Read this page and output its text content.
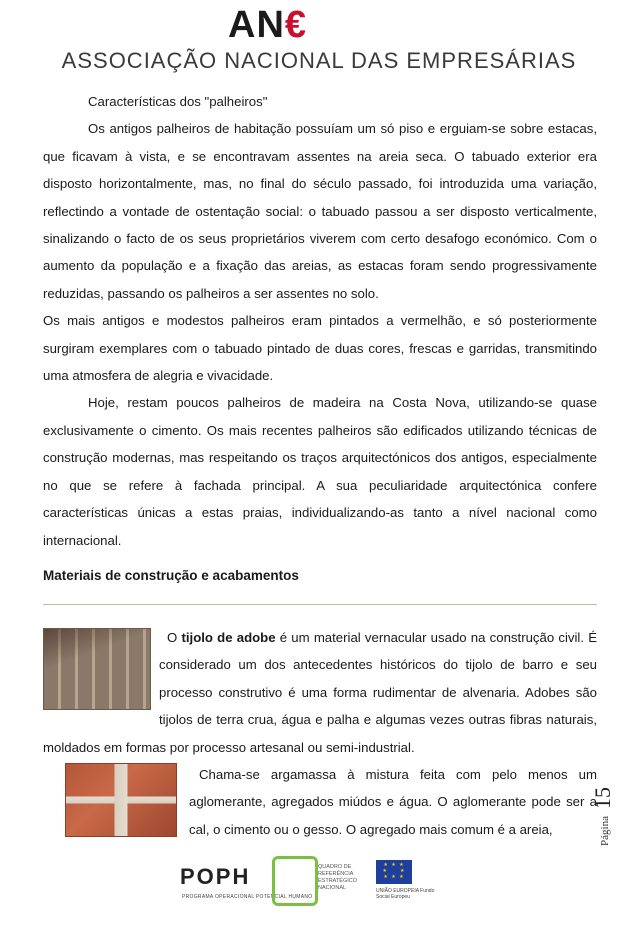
AN€
ASSOCIAÇÃO NACIONAL DAS EMPRESÁRIAS

Características dos "palheiros"

Os antigos palheiros de habitação possuíam um só piso e erguiam-se sobre estacas, que ficavam à vista, e se encontravam assentes na areia seca. O tabuado exterior era disposto horizontalmente, mas, no final do século passado, foi introduzida uma variação, reflectindo a vontade de ostentação social: o tabuado passou a ser disposto verticalmente, sinalizando o facto de os seus proprietários viverem com certo desafogo económico. Com o aumento da população e a fixação das areias, as estacas foram sendo progressivamente reduzidas, passando os palheiros a ser assentes no solo.

Os mais antigos e modestos palheiros eram pintados a vermelhão, e só posteriormente surgiram exemplares com o tabuado pintado de duas cores, frescas e garridas, transmitindo uma atmosfera de alegria e vivacidade.

Hoje, restam poucos palheiros de madeira na Costa Nova, utilizando-se quase exclusivamente o cimento. Os mais recentes palheiros são edificados utilizando técnicas de construção modernas, mas respeitando os traços arquitectónicos dos antigos, especialmente no que se refere à fachada principal. A sua peculiaridade arquitectónica confere características únicas a estas praias, individualizando-as tanto a nível nacional como internacional.

Materiais de construção e acabamentos

O tijolo de adobe é um material vernacular usado na construção civil. É considerado um dos antecedentes históricos do tijolo de barro e seu processo construtivo é uma forma rudimentar de alvenaria. Adobes são tijolos de terra crua, água e palha e algumas vezes outras fibras naturais, moldados em formas por processo artesanal ou semi-industrial.

Chama-se argamassa à mistura feita com pelo menos um aglomerante, agregados miúdos e água. O aglomerante pode ser a cal, o cimento ou o gesso. O agregado mais comum é a areia,

15
Página
POPH
PROGRAMA OPERACIONAL POTENCIAL HUMANO
QUADRO DE REFERÊNCIA ESTRATÉGICO NACIONAL
★ ★ ★
★     ★
★ ★ ★
UNIÃO EUROPEIA Fundo Social Europeu
